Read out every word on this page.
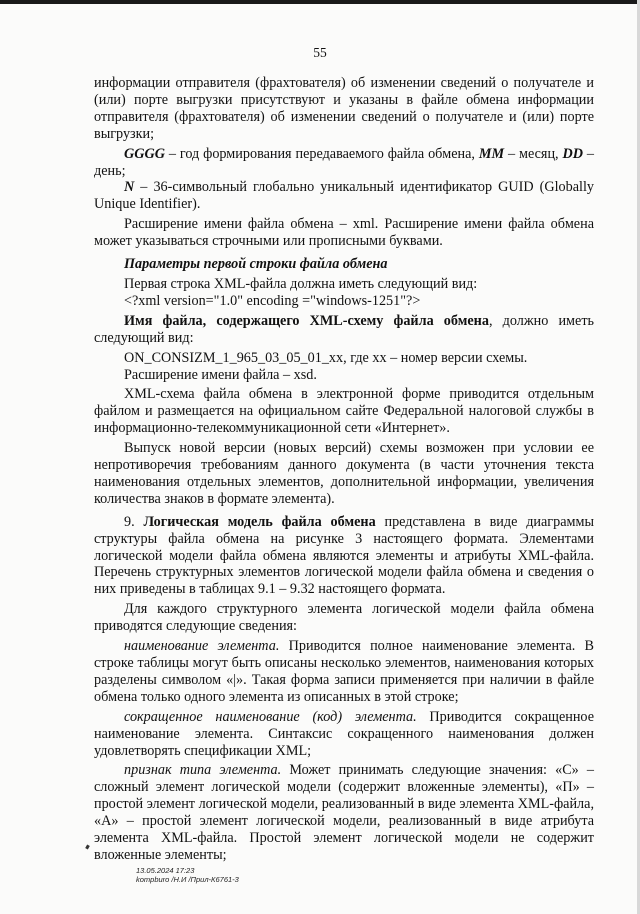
55

информации отправителя (фрахтователя) об изменении сведений о получателе и (или) порте выгрузки присутствуют и указаны в файле обмена информации отправителя (фрахтователя) об изменении сведений о получателе и (или) порте выгрузки;

GGGG – год формирования передаваемого файла обмена, MM – месяц, DD – день;

N – 36-символьный глобально уникальный идентификатор GUID (Globally Unique Identifier).

Расширение имени файла обмена – xml. Расширение имени файла обмена может указываться строчными или прописными буквами.

Параметры первой строки файла обмена

Первая строка XML-файла должна иметь следующий вид:

<?xml version="1.0" encoding ="windows-1251"?>

Имя файла, содержащего XML-схему файла обмена, должно иметь следующий вид:

ON_CONSIZM_1_965_03_05_01_xx, где xx – номер версии схемы.

Расширение имени файла – xsd.

XML-схема файла обмена в электронной форме приводится отдельным файлом и размещается на официальном сайте Федеральной налоговой службы в информационно-телекоммуникационной сети «Интернет».

Выпуск новой версии (новых версий) схемы возможен при условии ее непротиворечия требованиям данного документа (в части уточнения текста наименования отдельных элементов, дополнительной информации, увеличения количества знаков в формате элемента).

9. Логическая модель файла обмена представлена в виде диаграммы структуры файла обмена на рисунке 3 настоящего формата. Элементами логической модели файла обмена являются элементы и атрибуты XML-файла. Перечень структурных элементов логической модели файла обмена и сведения о них приведены в таблицах 9.1 – 9.32 настоящего формата.

Для каждого структурного элемента логической модели файла обмена приводятся следующие сведения:

наименование элемента. Приводится полное наименование элемента. В строке таблицы могут быть описаны несколько элементов, наименования которых разделены символом «|». Такая форма записи применяется при наличии в файле обмена только одного элемента из описанных в этой строке;

сокращенное наименование (код) элемента. Приводится сокращенное наименование элемента. Синтаксис сокращенного наименования должен удовлетворять спецификации XML;

признак типа элемента. Может принимать следующие значения: «С» – сложный элемент логической модели (содержит вложенные элементы), «П» – простой элемент логической модели, реализованный в виде элемента XML-файла, «А» – простой элемент логической модели, реализованный в виде атрибута элемента XML-файла. Простой элемент логической модели не содержит вложенные элементы;

13.05.2024 17:23
kompburo /Н.И /Прил-К6761-3
